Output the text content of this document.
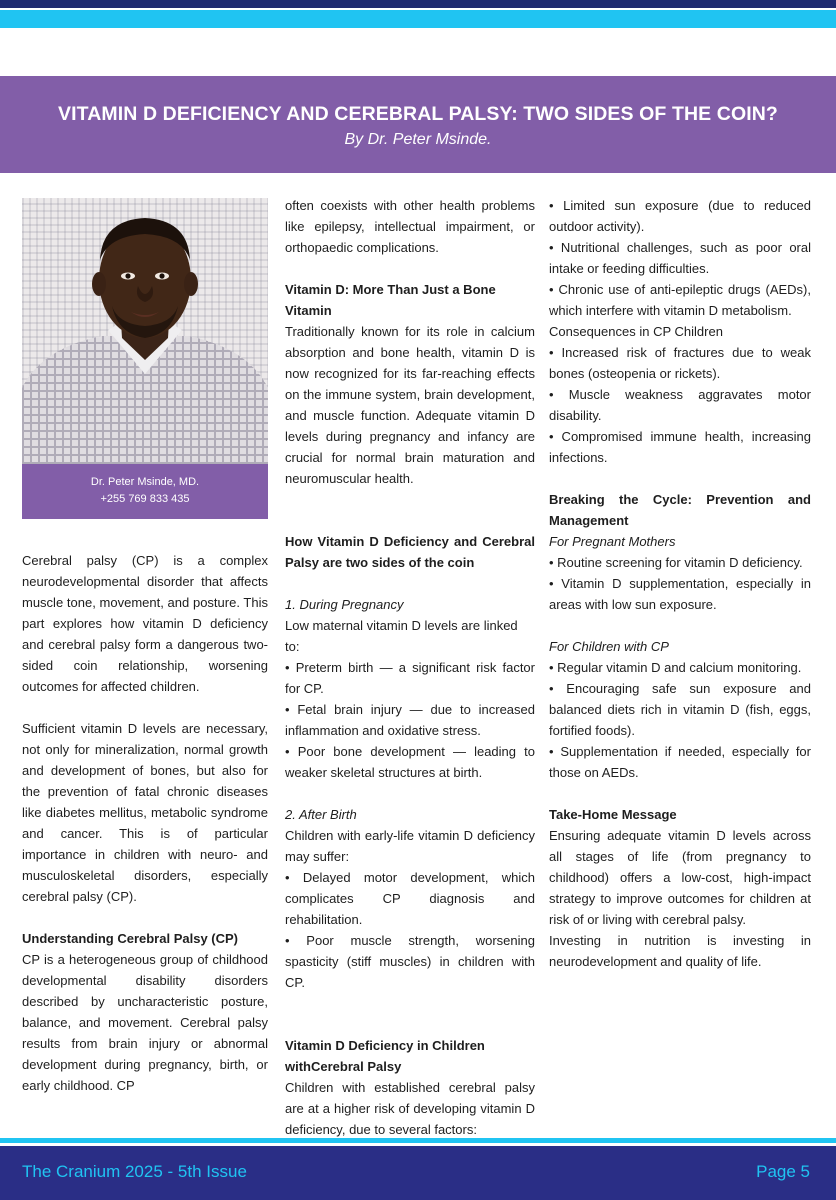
VITAMIN D DEFICIENCY AND CEREBRAL PALSY: TWO SIDES OF THE COIN?
By Dr. Peter Msinde.
Dr. Peter Msinde, MD.
+255 769 833 435

Cerebral palsy (CP) is a complex neurodevelopmental disorder that affects muscle tone, movement, and posture. This part explores how vitamin D deficiency and cerebral palsy form a dangerous two-sided coin relationship, worsening outcomes for affected children.

Sufficient vitamin D levels are necessary, not only for mineralization, normal growth and development of bones, but also for the prevention of fatal chronic diseases like diabetes mellitus, metabolic syndrome and cancer. This is of particular importance in children with neuro- and musculoskeletal disorders, especially cerebral palsy (CP).

Understanding Cerebral Palsy (CP)

CP is a heterogeneous group of childhood developmental disability disorders described by uncharacteristic posture, balance, and movement. Cerebral palsy results from brain injury or abnormal development during pregnancy, birth, or early childhood. CP

often coexists with other health problems like epilepsy, intellectual impairment, or orthopaedic complications.

Vitamin D: More Than Just a Bone Vitamin

Traditionally known for its role in calcium absorption and bone health, vitamin D is now recognized for its far-reaching effects on the immune system, brain development, and muscle function. Adequate vitamin D levels during pregnancy and infancy are crucial for normal brain maturation and neuromuscular health.

How Vitamin D Deficiency and Cerebral Palsy are two sides of the coin

1. During Pregnancy

Low maternal vitamin D levels are linked to:

• Preterm birth — a significant risk factor for CP.

• Fetal brain injury — due to increased inflammation and oxidative stress.

• Poor bone development — leading to weaker skeletal structures at birth.

2. After Birth

Children with early-life vitamin D deficiency may suffer:

• Delayed motor development, which complicates CP diagnosis and rehabilitation.

• Poor muscle strength, worsening spasticity (stiff muscles) in children with CP.

Vitamin D Deficiency in Children

withCerebral Palsy

Children with established cerebral palsy are at a higher risk of developing vitamin D deficiency, due to several factors:

• Limited sun exposure (due to reduced outdoor activity).

• Nutritional challenges, such as poor oral intake or feeding difficulties.

• Chronic use of anti-epileptic drugs (AEDs), which interfere with vitamin D metabolism.

Consequences in CP Children

• Increased risk of fractures due to weak bones (osteopenia or rickets).

• Muscle weakness aggravates motor disability.

• Compromised immune health, increasing infections.

Breaking the Cycle: Prevention and Management

For Pregnant Mothers

• Routine screening for vitamin D deficiency.

• Vitamin D supplementation, especially in areas with low sun exposure.

For Children with CP

• Regular vitamin D and calcium monitoring.

• Encouraging safe sun exposure and balanced diets rich in vitamin D (fish, eggs, fortified foods).

• Supplementation if needed, especially for those on AEDs.

Take-Home Message

Ensuring adequate vitamin D levels across all stages of life (from pregnancy to childhood) offers a low-cost, high-impact strategy to improve outcomes for children at risk of or living with cerebral palsy.

Investing in nutrition is investing in neurodevelopment and quality of life.

The Cranium 2025 - 5th Issue	Page 5
